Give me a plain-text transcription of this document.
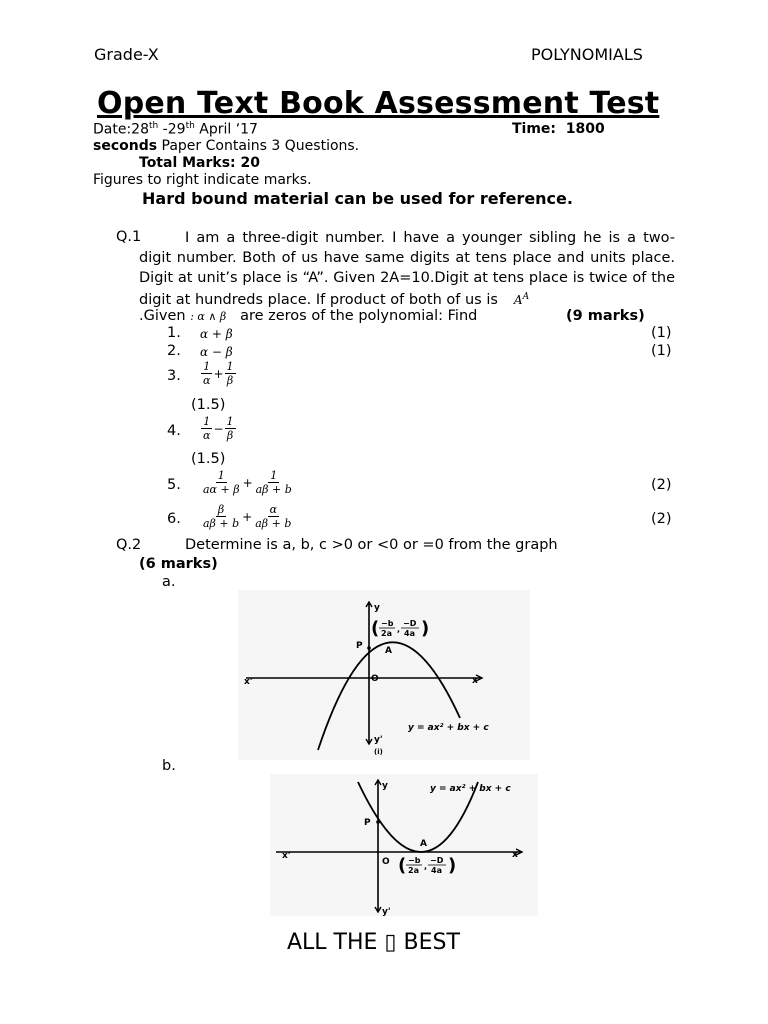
Grade-X	POLYNOMIALS
Open Text Book Assessment Test
Date:28th -29th April ‘17	Time: 1800
seconds Paper Contains 3 Questions.
Total Marks: 20
Figures to right indicate marks.
Hard bound material can be used for reference.
Q.1	I am a three-digit number. I have a younger sibling he is a two-digit number. Both of us have same digits at tens place and units place. Digit at unit’s place is “A”. Given 2A=10.Digit at tens place is twice of the digit at hundreds place. If product of both of us is $A^A$
.Given : α ∧ β are zeros of the polynomial: Find	(9 marks)
1. α + β	(1)
2. α − β	(1)
3. $\frac{1}{\alpha} + \frac{1}{\beta}$
(1.5)
4. $\frac{1}{\alpha} - \frac{1}{\beta}$
(1.5)
5. $\frac{1}{a\alpha + \beta} + \frac{1}{a\beta + b}$	(2)
6. $\frac{\beta}{a\beta + b} + \frac{\alpha}{a\beta + b}$	(2)
Q.2	Determine is a, b, c >0 or <0 or =0 from the graph
(6 marks)
a.
y
y'
x
x'	O
P A
( −b
2a ,
−D
4a )
y = ax² + bx + c
(i)
b.
y
y'
x
x'
O
P
A
( −b
2a ,
−D
4a )
y = ax² + bx + c
ALL THE ▯ BEST
